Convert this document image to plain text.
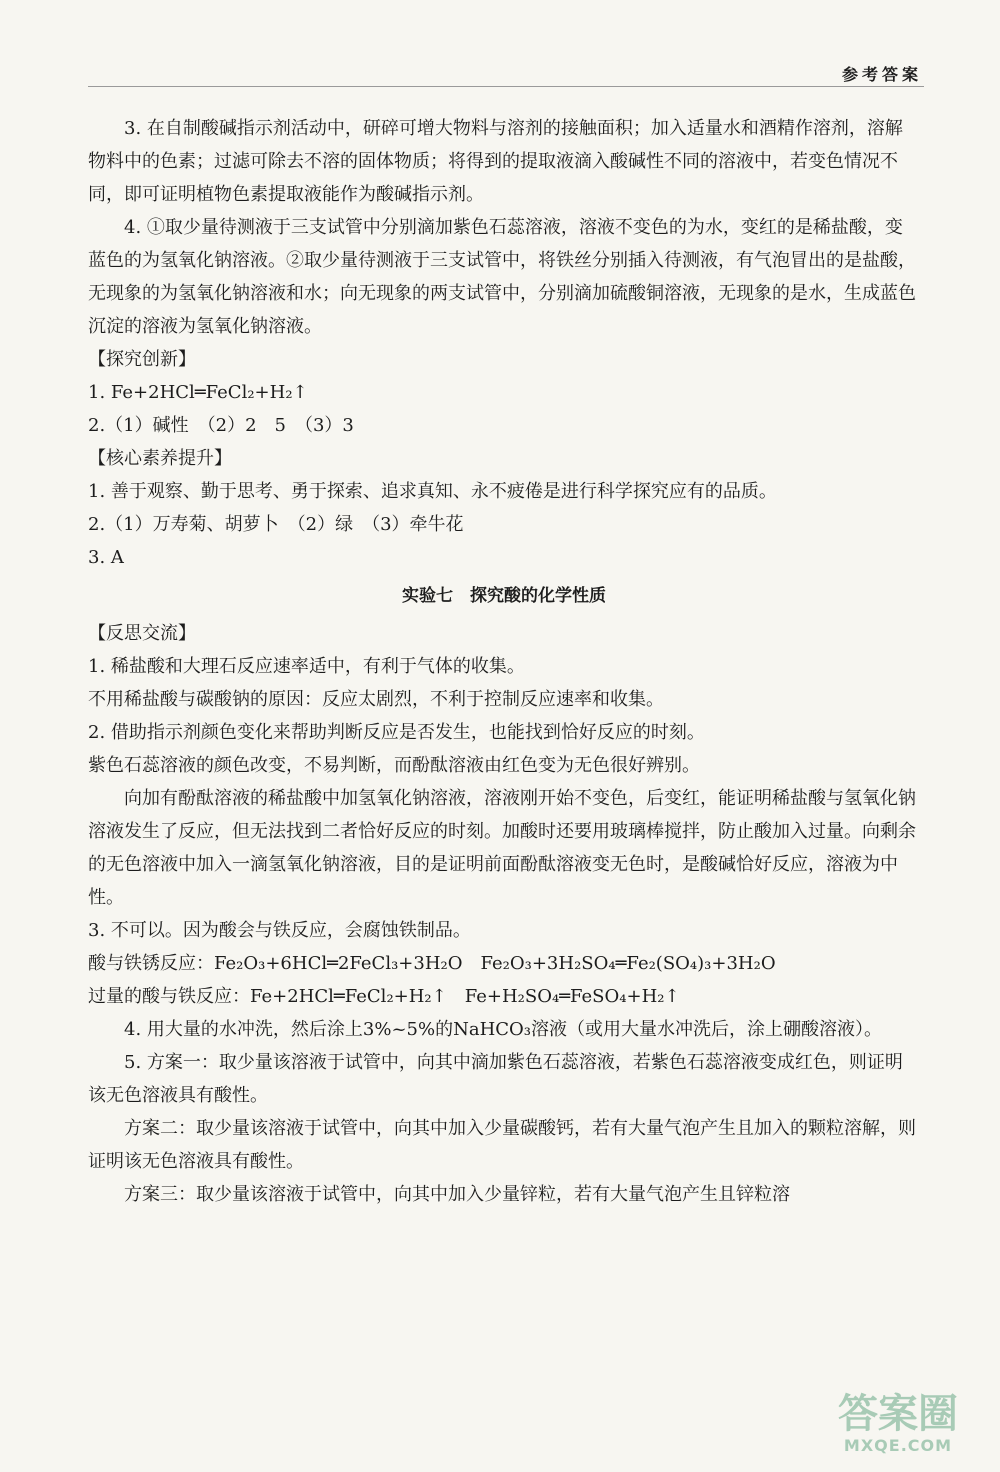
参考答案

3. 在自制酸碱指示剂活动中，研碎可增大物料与溶剂的接触面积；加入适量水和酒精作溶剂，溶解物料中的色素；过滤可除去不溶的固体物质；将得到的提取液滴入酸碱性不同的溶液中，若变色情况不同，即可证明植物色素提取液能作为酸碱指示剂。

4. ①取少量待测液于三支试管中分别滴加紫色石蕊溶液，溶液不变色的为水，变红的是稀盐酸，变蓝色的为氢氧化钠溶液。②取少量待测液于三支试管中，将铁丝分别插入待测液，有气泡冒出的是盐酸，无现象的为氢氧化钠溶液和水；向无现象的两支试管中，分别滴加硫酸铜溶液，无现象的是水，生成蓝色沉淀的溶液为氢氧化钠溶液。

【探究创新】

1. Fe+2HCl═FeCl₂+H₂↑

2.（1）碱性　（2）2　5　（3）3

【核心素养提升】

1. 善于观察、勤于思考、勇于探索、追求真知、永不疲倦是进行科学探究应有的品质。

2.（1）万寿菊、胡萝卜　（2）绿　（3）牵牛花

3. A

实验七　探究酸的化学性质

【反思交流】

1. 稀盐酸和大理石反应速率适中，有利于气体的收集。

不用稀盐酸与碳酸钠的原因：反应太剧烈，不利于控制反应速率和收集。

2. 借助指示剂颜色变化来帮助判断反应是否发生，也能找到恰好反应的时刻。

紫色石蕊溶液的颜色改变，不易判断，而酚酞溶液由红色变为无色很好辨别。

向加有酚酞溶液的稀盐酸中加氢氧化钠溶液，溶液刚开始不变色，后变红，能证明稀盐酸与氢氧化钠溶液发生了反应，但无法找到二者恰好反应的时刻。加酸时还要用玻璃棒搅拌，防止酸加入过量。向剩余的无色溶液中加入一滴氢氧化钠溶液，目的是证明前面酚酞溶液变无色时，是酸碱恰好反应，溶液为中性。

3. 不可以。因为酸会与铁反应，会腐蚀铁制品。

酸与铁锈反应：Fe₂O₃+6HCl═2FeCl₃+3H₂O　Fe₂O₃+3H₂SO₄═Fe₂(SO₄)₃+3H₂O

过量的酸与铁反应：Fe+2HCl═FeCl₂+H₂↑　Fe+H₂SO₄═FeSO₄+H₂↑

4. 用大量的水冲洗，然后涂上3%~5%的NaHCO₃溶液（或用大量水冲洗后，涂上硼酸溶液）。

5. 方案一：取少量该溶液于试管中，向其中滴加紫色石蕊溶液，若紫色石蕊溶液变成红色，则证明该无色溶液具有酸性。

方案二：取少量该溶液于试管中，向其中加入少量碳酸钙，若有大量气泡产生且加入的颗粒溶解，则证明该无色溶液具有酸性。

方案三：取少量该溶液于试管中，向其中加入少量锌粒，若有大量气泡产生且锌粒溶

答案圈
MXQE.COM
